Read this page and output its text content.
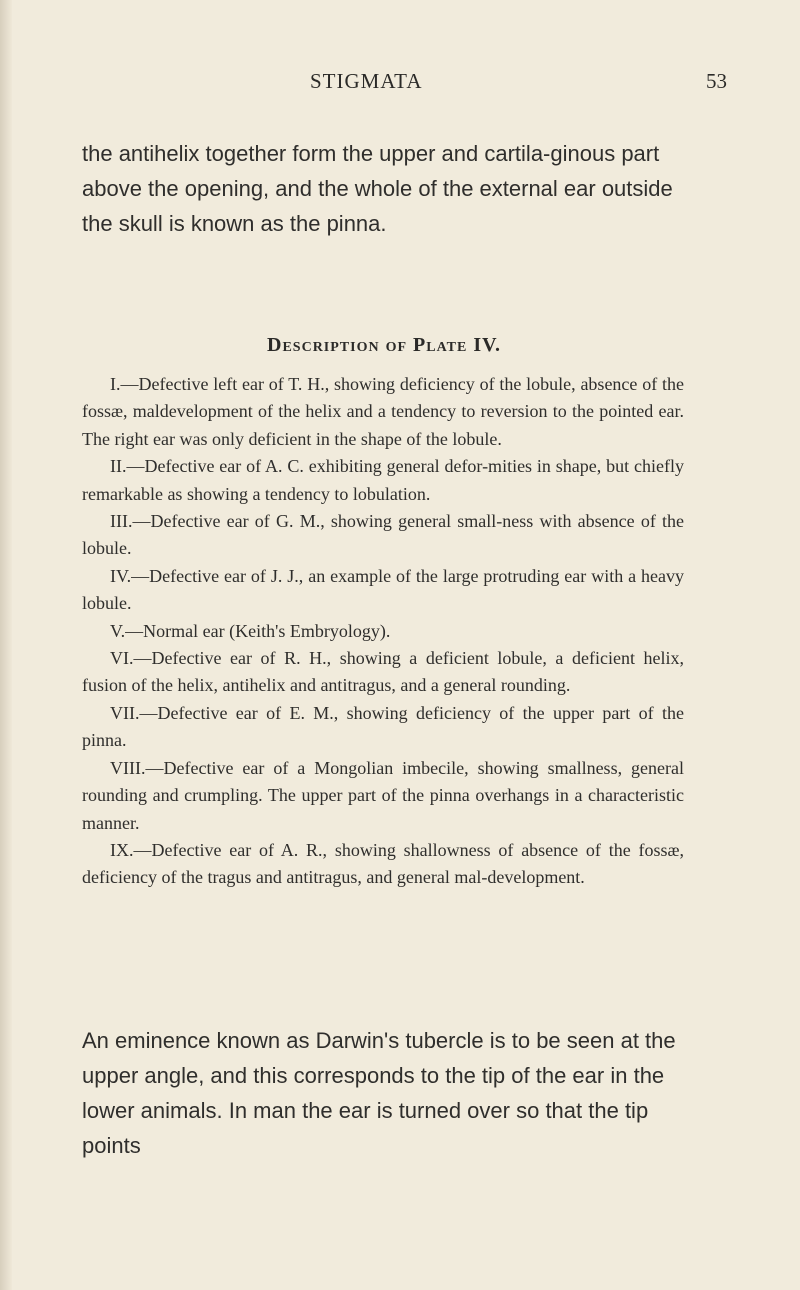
STIGMATA	53

the antihelix together form the upper and cartila-ginous part above the opening, and the whole of the external ear outside the skull is known as the pinna.

Description of Plate IV.

I.—Defective left ear of T. H., showing deficiency of the lobule, absence of the fossæ, maldevelopment of the helix and a tendency to reversion to the pointed ear. The right ear was only deficient in the shape of the lobule.

II.—Defective ear of A. C. exhibiting general defor-mities in shape, but chiefly remarkable as showing a tendency to lobulation.

III.—Defective ear of G. M., showing general small-ness with absence of the lobule.

IV.—Defective ear of J. J., an example of the large protruding ear with a heavy lobule.

V.—Normal ear (Keith's Embryology).

VI.—Defective ear of R. H., showing a deficient lobule, a deficient helix, fusion of the helix, antihelix and antitragus, and a general rounding.

VII.—Defective ear of E. M., showing deficiency of the upper part of the pinna.

VIII.—Defective ear of a Mongolian imbecile, showing smallness, general rounding and crumpling. The upper part of the pinna overhangs in a characteristic manner.

IX.—Defective ear of A. R., showing shallowness of absence of the fossæ, deficiency of the tragus and antitragus, and general mal-development.

An eminence known as Darwin's tubercle is to be seen at the upper angle, and this corresponds to the tip of the ear in the lower animals. In man the ear is turned over so that the tip points
